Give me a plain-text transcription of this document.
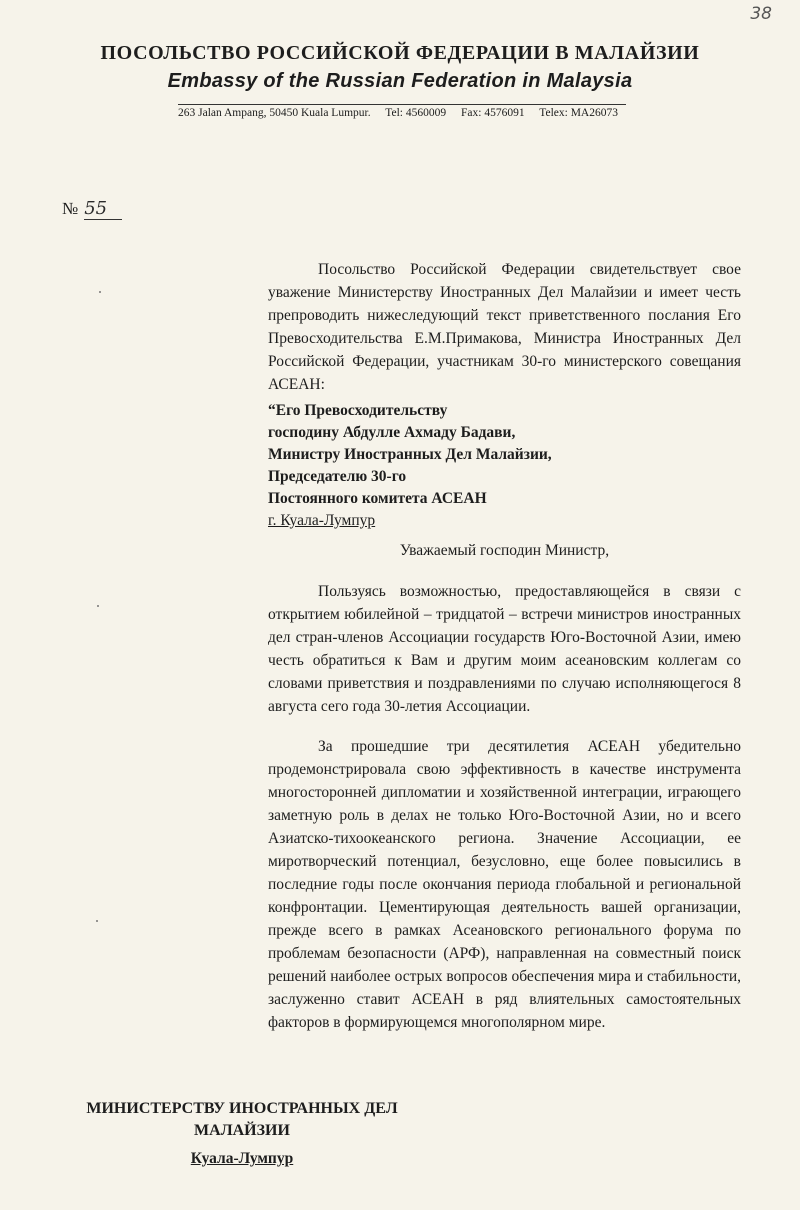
38
ПОСОЛЬСТВО РОССИЙСКОЙ ФЕДЕРАЦИИ В МАЛАЙЗИИ
Embassy of the Russian Federation in Malaysia
263 Jalan Ampang, 50450 Kuala Lumpur. Tel: 4560009 Fax: 4576091 Telex: MA26073
№ 55

Посольство Российской Федерации свидетельствует свое уважение Министерству Иностранных Дел Малайзии и имеет честь препроводить нижеследующий текст приветственного послания Его Превосходительства Е.М.Примакова, Министра Иностранных Дел Российской Федерации, участникам 30-го министерского совещания АСЕАН:

“Его Превосходительству
господину Абдулле Ахмаду Бадави,
Министру Иностранных Дел Малайзии,
Председателю 30-го
Постоянного комитета АСЕАН
г. Куала-Лумпур
Уважаемый господин Министр,

Пользуясь возможностью, предоставляющейся в связи с открытием юбилейной – тридцатой – встречи министров иностранных дел стран-членов Ассоциации государств Юго-Восточной Азии, имею честь обратиться к Вам и другим моим асеановским коллегам со словами приветствия и поздравлениями по случаю исполняющегося 8 августа сего года 30-летия Ассоциации.

За прошедшие три десятилетия АСЕАН убедительно продемонстрировала свою эффективность в качестве инструмента многосторонней дипломатии и хозяйственной интеграции, играющего заметную роль в делах не только Юго-Восточной Азии, но и всего Азиатско-тихоокеанского региона. Значение Ассоциации, ее миротворческий потенциал, безусловно, еще более повысились в последние годы после окончания периода глобальной и региональной конфронтации. Цементирующая деятельность вашей организации, прежде всего в рамках Асеановского регионального форума по проблемам безопасности (АРФ), направленная на совместный поиск решений наиболее острых вопросов обеспечения мира и стабильности, заслуженно ставит АСЕАН в ряд влиятельных самостоятельных факторов в формирующемся многополярном мире.

МИНИСТЕРСТВУ ИНОСТРАННЫХ ДЕЛ
МАЛАЙЗИИ
Куала-Лумпур
